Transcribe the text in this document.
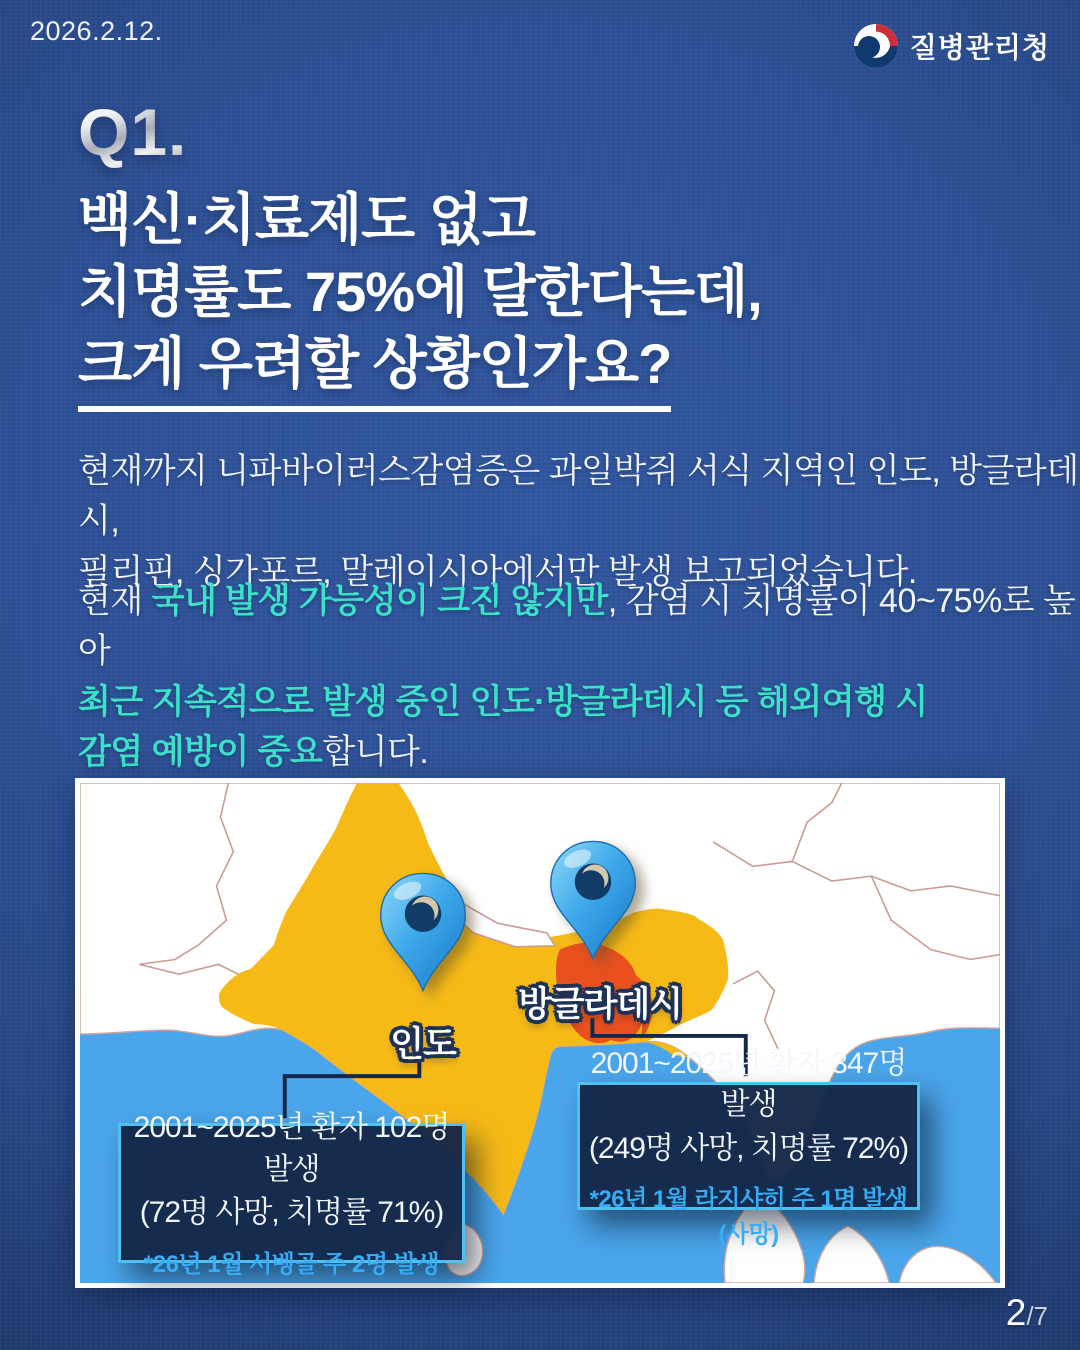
2026.2.12.
질병관리청
Q1.
백신·치료제도 없고
치명률도 75%에 달한다는데,
크게 우려할 상황인가요?
현재까지 니파바이러스감염증은 과일박쥐 서식 지역인 인도, 방글라데시,
필리핀, 싱가포르, 말레이시아에서만 발생 보고되었습니다.
현재 국내 발생 가능성이 크진 않지만, 감염 시 치명률이 40~75%로 높아
최근 지속적으로 발생 중인 인도·방글라데시 등 해외여행 시
감염 예방이 중요합니다.
인도
방글라데시
2001~2025년 환자 102명 발생
(72명 사망, 치명률 71%)
*26년 1월 서벵골 주 2명 발생
2001~2025년 환자 347명 발생
(249명 사망, 치명률 72%)
*26년 1월 라지샤히 주 1명 발생(사망)
2/7
